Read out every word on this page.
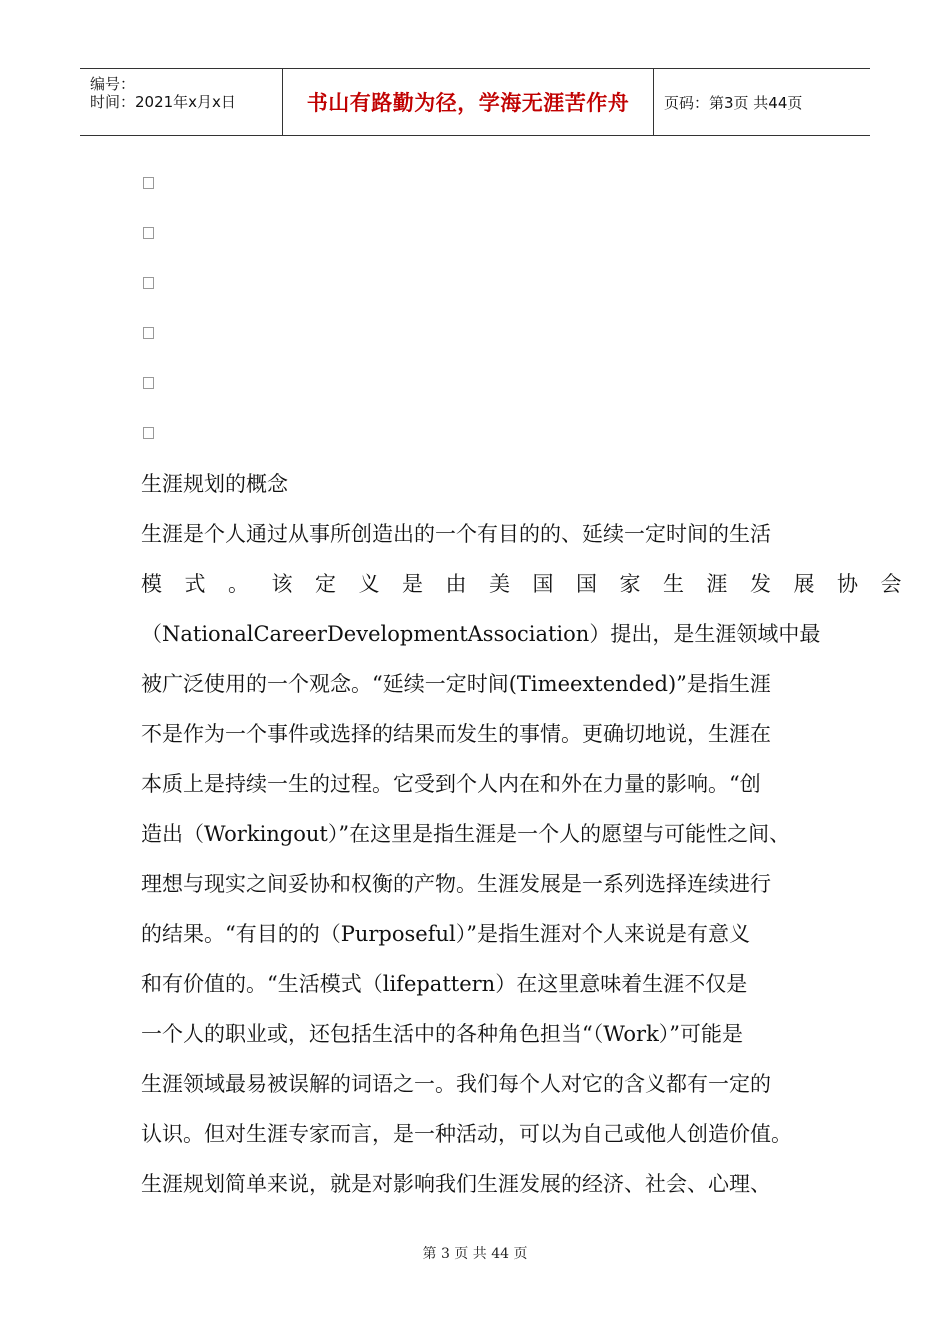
编号：
时间：2021年x月x日	书山有路勤为径，学海无涯苦作舟 页码：第3页 共44页
生涯规划的概念
生涯是个人通过从事所创造出的一个有目的的、延续一定时间的生活
模式。该定义是由美国国家生涯发展协会
（NationalCareerDevelopmentAssociation）提出，是生涯领域中最
被广泛使用的一个观念。“延续一定时间(Timeextended)”是指生涯
不是作为一个事件或选择的结果而发生的事情。更确切地说，生涯在
本质上是持续一生的过程。它受到个人内在和外在力量的影响。“创
造出（Workingout）”在这里是指生涯是一个人的愿望与可能性之间、
理想与现实之间妥协和权衡的产物。生涯发展是一系列选择连续进行
的结果。“有目的的（Purposeful）”是指生涯对个人来说是有意义
和有价值的。“生活模式（lifepattern）在这里意味着生涯不仅是
一个人的职业或，还包括生活中的各种角色担当“（Work）”可能是
生涯领域最易被误解的词语之一。我们每个人对它的含义都有一定的
认识。但对生涯专家而言，是一种活动，可以为自己或他人创造价值。
生涯规划简单来说，就是对影响我们生涯发展的经济、社会、心理、
第 3 页 共 44 页
